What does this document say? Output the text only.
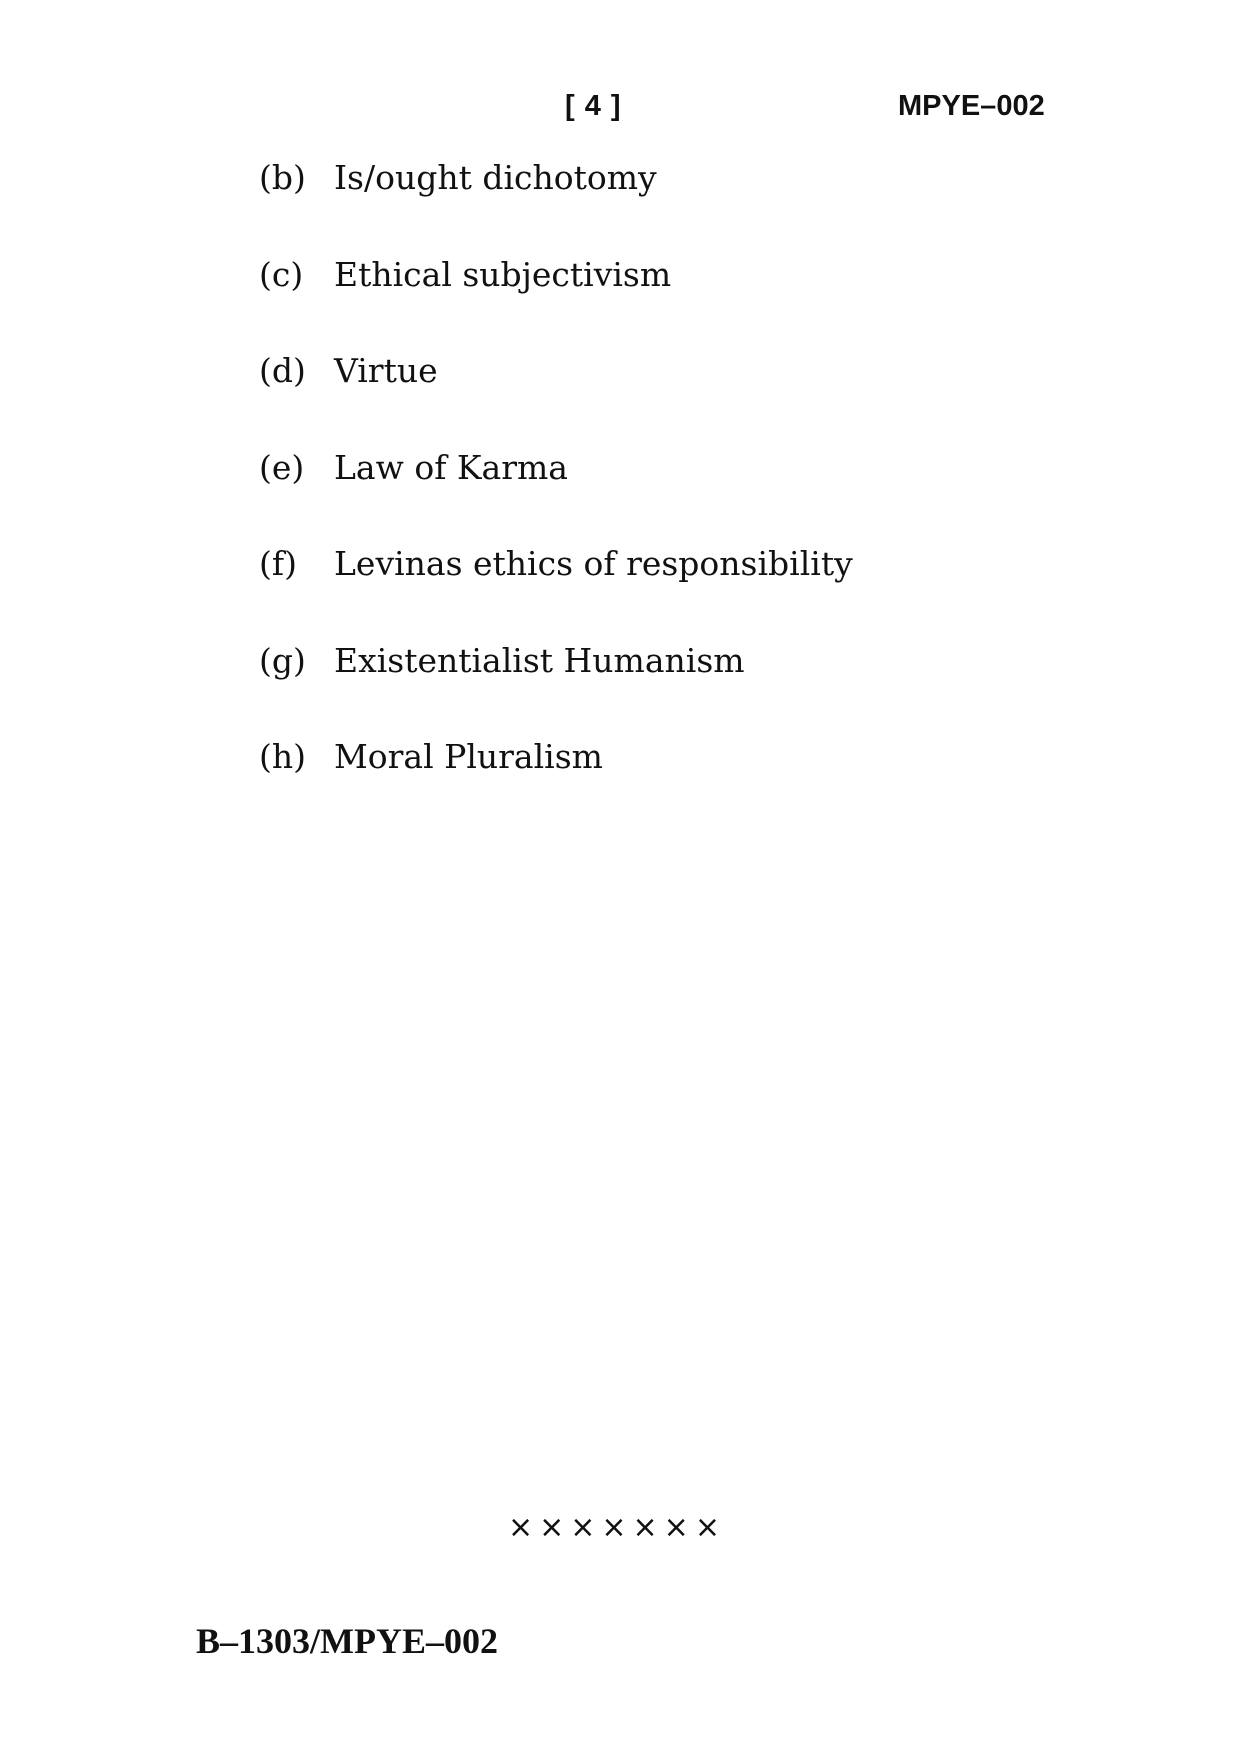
[ 4 ]	MPYE–002
(b) Is/ought dichotomy
(c) Ethical subjectivism
(d) Virtue
(e) Law of Karma
(f)	Levinas ethics of responsibility
(g) Existentialist Humanism
(h) Moral Pluralism
×××××××
B–1303/MPYE–002
